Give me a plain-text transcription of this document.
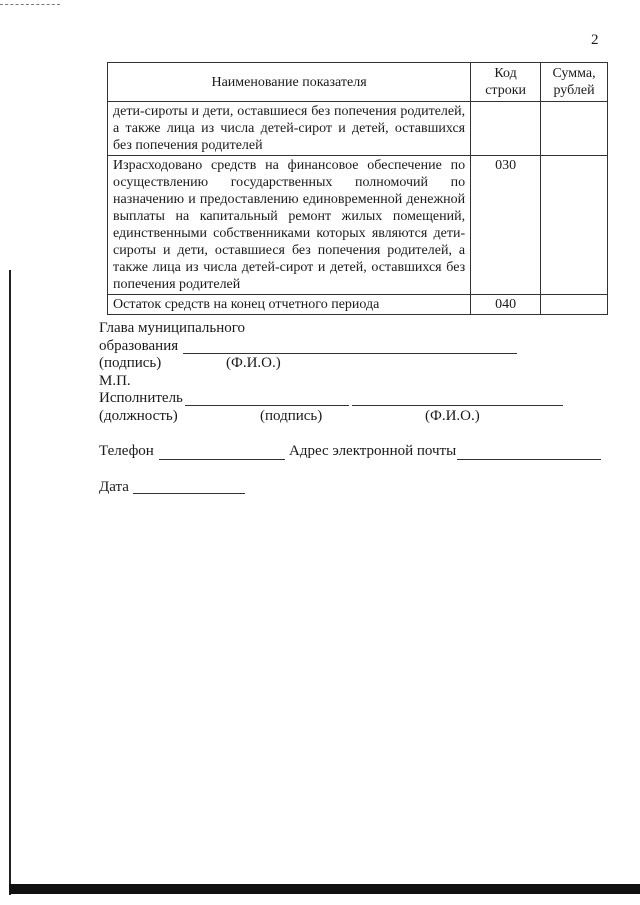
2
Наименование показателя	Код строки	Сумма, рублей
дети-сироты и дети, оставшиеся без попечения родителей, а также лица из числа детей-сирот и детей, оставшихся без попечения родителей		
Израсходовано средств на финансовое обеспечение по осуществлению государственных полномочий по назначению и предоставлению единовременной денежной выплаты на капитальный ремонт жилых помещений, единственными собственниками которых являются дети-сироты и дети, оставшиеся без попечения родителей, а также лица из числа детей-сирот и детей, оставшихся без попечения родителей	030	
Остаток средств на конец отчетного периода	040	
Глава муниципального
образования
(подпись)	(Ф.И.О.)
М.П.
Исполнитель
(должность)	(подпись)	(Ф.И.О.)
Телефон	Адрес электронной почты
Дата
